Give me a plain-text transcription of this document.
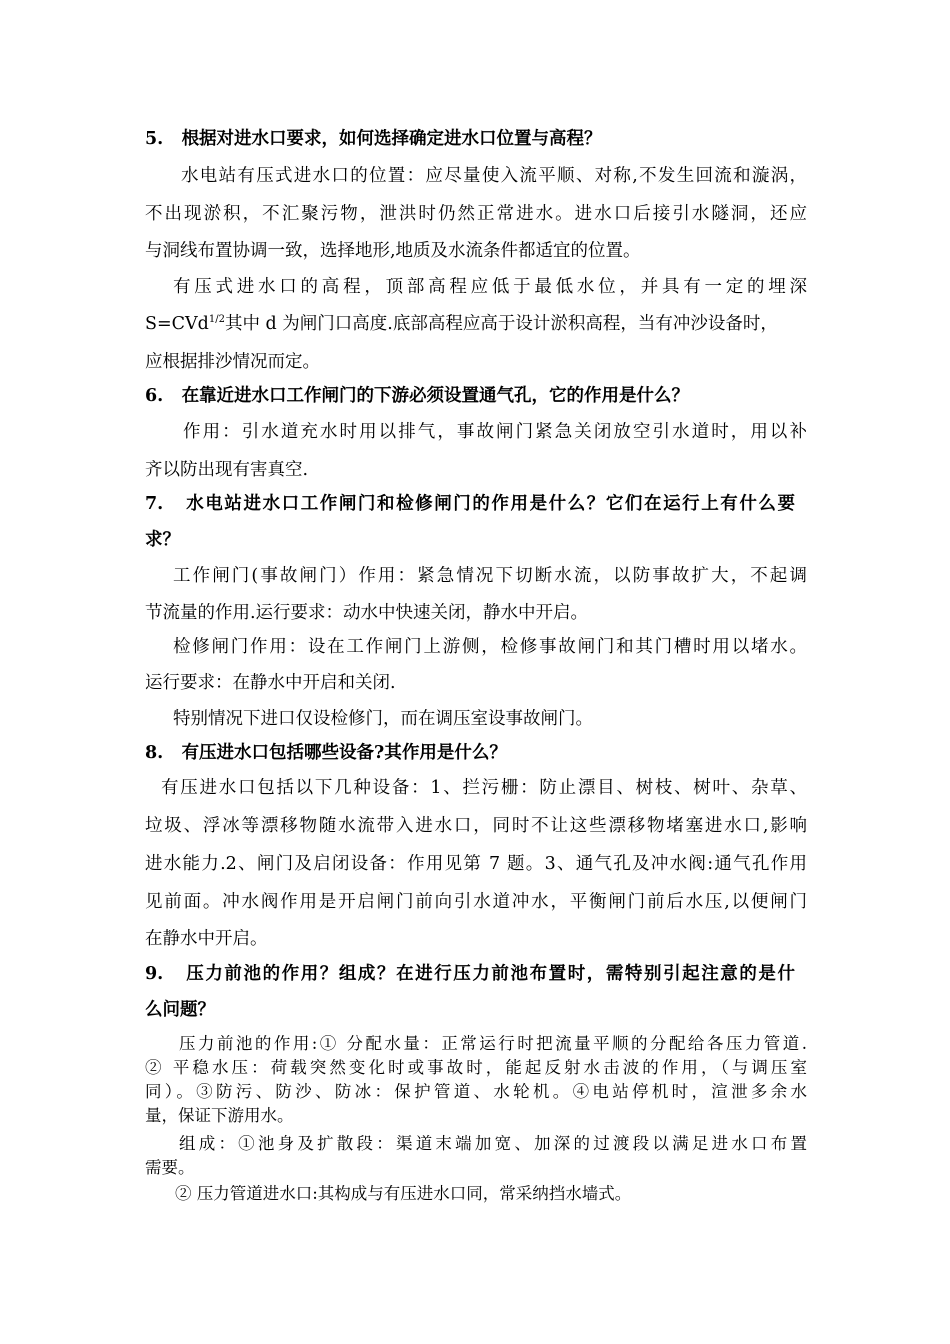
5. 根据对进水口要求，如何选择确定进水口位置与高程？
水电站有压式进水口的位置：应尽量使入流平顺、对称,不发生回流和漩涡，
不出现淤积，不汇聚污物，泄洪时仍然正常进水。进水口后接引水隧洞，还应
与洞线布置协调一致，选择地形,地质及水流条件都适宜的位置。
有压式进水口的高程，顶部高程应低于最低水位，并具有一定的埋深
S=CVd$^{1/2}$其中 d 为闸门口高度.底部高程应高于设计淤积高程，当有冲沙设备时，
应根据排沙情况而定。
6. 在靠近进水口工作闸门的下游必须设置通气孔，它的作用是什么？
作用：引水道充水时用以排气，事故闸门紧急关闭放空引水道时，用以补
齐以防出现有害真空.
7. 水电站进水口工作闸门和检修闸门的作用是什么？它们在运行上有什么要
求？
工作闸门(事故闸门）作用：紧急情况下切断水流，以防事故扩大，不起调
节流量的作用.运行要求：动水中快速关闭，静水中开启。
检修闸门作用：设在工作闸门上游侧，检修事故闸门和其门槽时用以堵水。
运行要求：在静水中开启和关闭.
特别情况下进口仅设检修门，而在调压室设事故闸门。
8. 有压进水口包括哪些设备?其作用是什么？
有压进水口包括以下几种设备：1、拦污栅：防止漂目、树枝、树叶、杂草、
垃圾、浮冰等漂移物随水流带入进水口，同时不让这些漂移物堵塞进水口,影响
进水能力.2、闸门及启闭设备：作用见第 7 题。3、通气孔及冲水阀:通气孔作用
见前面。冲水阀作用是开启闸门前向引水道冲水，平衡闸门前后水压,以便闸门
在静水中开启。
9. 压力前池的作用？组成？在进行压力前池布置时，需特别引起注意的是什
么问题？
压力前池的作用:① 分配水量：正常运行时把流量平顺的分配给各压力管道.
② 平稳水压：荷载突然变化时或事故时，能起反射水击波的作用，（与调压室
同）。③防污、防沙、防冰：保护管道、水轮机。④电站停机时，渲泄多余水
量，保证下游用水。
组成：①池身及扩散段：渠道末端加宽、加深的过渡段以满足进水口布置
需要。
② 压力管道进水口:其构成与有压进水口同，常采纳挡水墙式。
